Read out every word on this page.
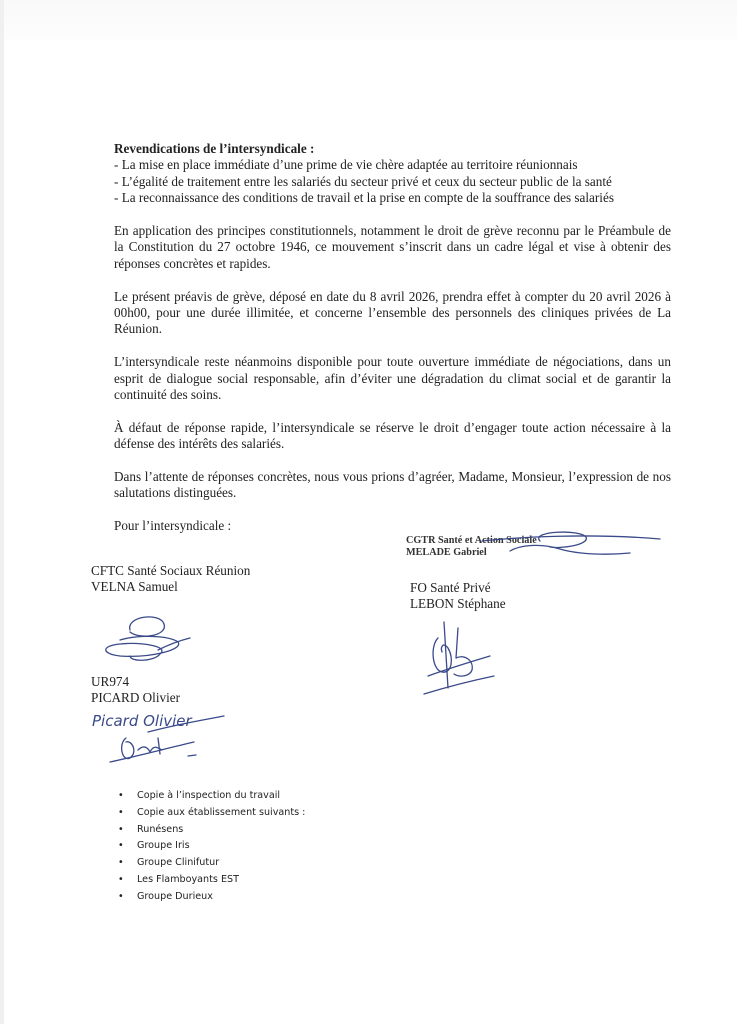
Revendications de l’intersyndicale :

- La mise en place immédiate d’une prime de vie chère adaptée au territoire réunionnais

- L’égalité de traitement entre les salariés du secteur privé et ceux du secteur public de la santé

- La reconnaissance des conditions de travail et la prise en compte de la souffrance des salariés

En application des principes constitutionnels, notamment le droit de grève reconnu par le Préambule de la Constitution du 27 octobre 1946, ce mouvement s’inscrit dans un cadre légal et vise à obtenir des réponses concrètes et rapides.

Le présent préavis de grève, déposé en date du 8 avril 2026, prendra effet à compter du 20 avril 2026 à 00h00, pour une durée illimitée, et concerne l’ensemble des personnels des cliniques privées de La Réunion.

L’intersyndicale reste néanmoins disponible pour toute ouverture immédiate de négociations, dans un esprit de dialogue social responsable, afin d’éviter une dégradation du climat social et de garantir la continuité des soins.

À défaut de réponse rapide, l’intersyndicale se réserve le droit d’engager toute action nécessaire à la défense des intérêts des salariés.

Dans l’attente de réponses concrètes, nous vous prions d’agréer, Madame, Monsieur, l’expression de nos salutations distinguées.

Pour l’intersyndicale :

CGTR Santé et Action Sociale
MELADE Gabriel
CFTC Santé Sociaux Réunion
VELNA Samuel	FO Santé Privé
LEBON Stéphane
UR974
PICARD Olivier
Picard Olivier
• Copie à l’inspection du travail
• Copie aux établissement suivants :
• Runésens
• Groupe Iris
• Groupe Clinifutur
• Les Flamboyants EST
• Groupe Durieux
